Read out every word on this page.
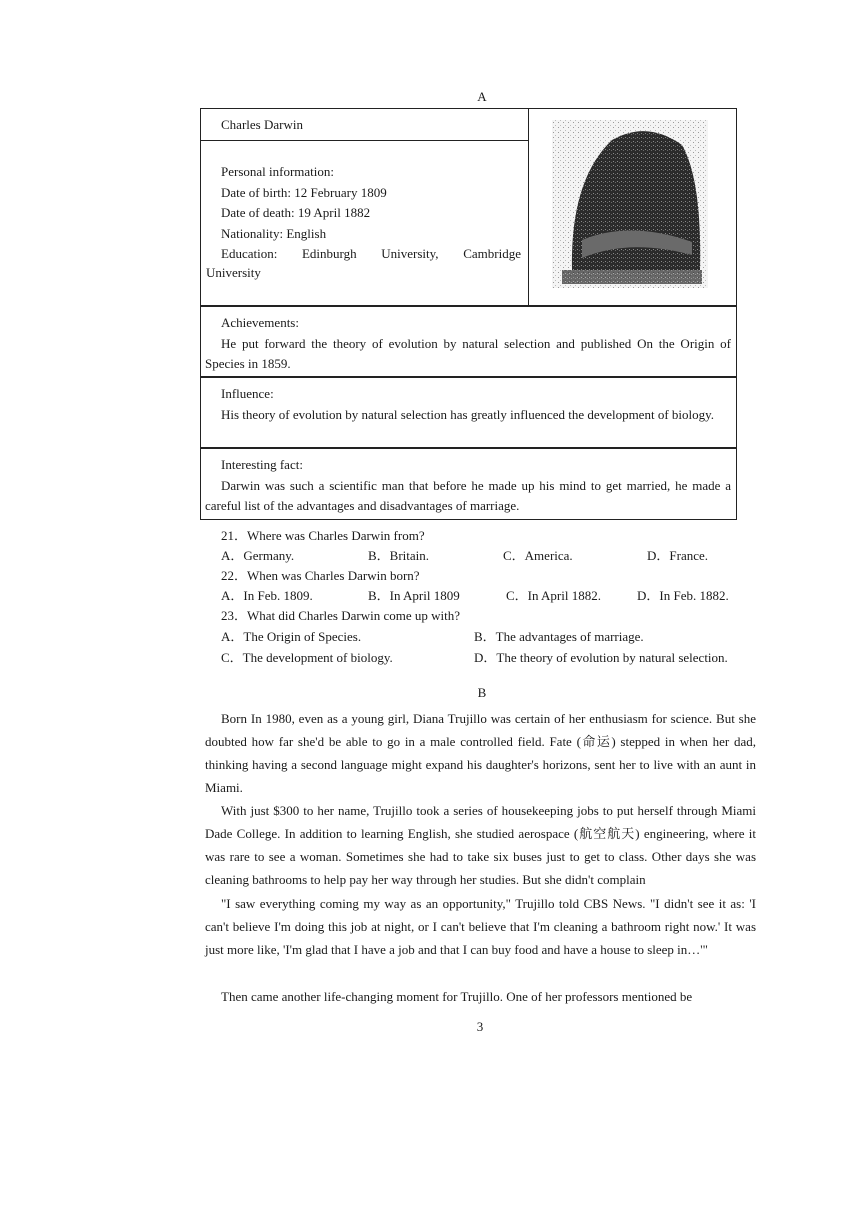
A
Charles Darwin
Personal information:
Date of birth: 12 February 1809
Date of death: 19 April 1882
Nationality: English
Education: Edinburgh University, Cambridge
University
Achievements:
He put forward the theory of evolution by natural selection and published On the Origin of Species in 1859.
Influence:
His theory of evolution by natural selection has greatly influenced the development of biology.
Interesting fact:
Darwin was such a scientific man that before he made up his mind to get married, he made a careful list of the advantages and disadvantages of marriage.
21．Where was Charles Darwin from?
A．Germany.	B．Britain.	C．America.	D．France.
22．When was Charles Darwin born?
A．In Feb. 1809.	B．In April 1809	C．In April 1882.	D．In Feb. 1882.
23．What did Charles Darwin come up with?
A．The Origin of Species.	B．The advantages of marriage.
C．The development of biology.	D．The theory of evolution by natural selection.
B
Born In 1980, even as a young girl, Diana Trujillo was certain of her enthusiasm for science. But she doubted how far she'd be able to go in a male controlled field. Fate (命运) stepped in when her dad, thinking having a second language might expand his daughter's horizons, sent her to live with an aunt in Miami.
With just $300 to her name, Trujillo took a series of housekeeping jobs to put herself through Miami Dade College. In addition to learning English, she studied aerospace (航空航天) engineering, where it was rare to see a woman. Sometimes she had to take six buses just to get to class. Other days she was cleaning bathrooms to help pay her way through her studies. But she didn't complain
"I saw everything coming my way as an opportunity," Trujillo told CBS News. "I didn't see it as: 'I can't believe I'm doing this job at night, or I can't believe that I'm cleaning a bathroom right now.' It was just more like, 'I'm glad that I have a job and that I can buy food and have a house to sleep in…'"
Then came another life-changing moment for Trujillo. One of her professors mentioned be
3
